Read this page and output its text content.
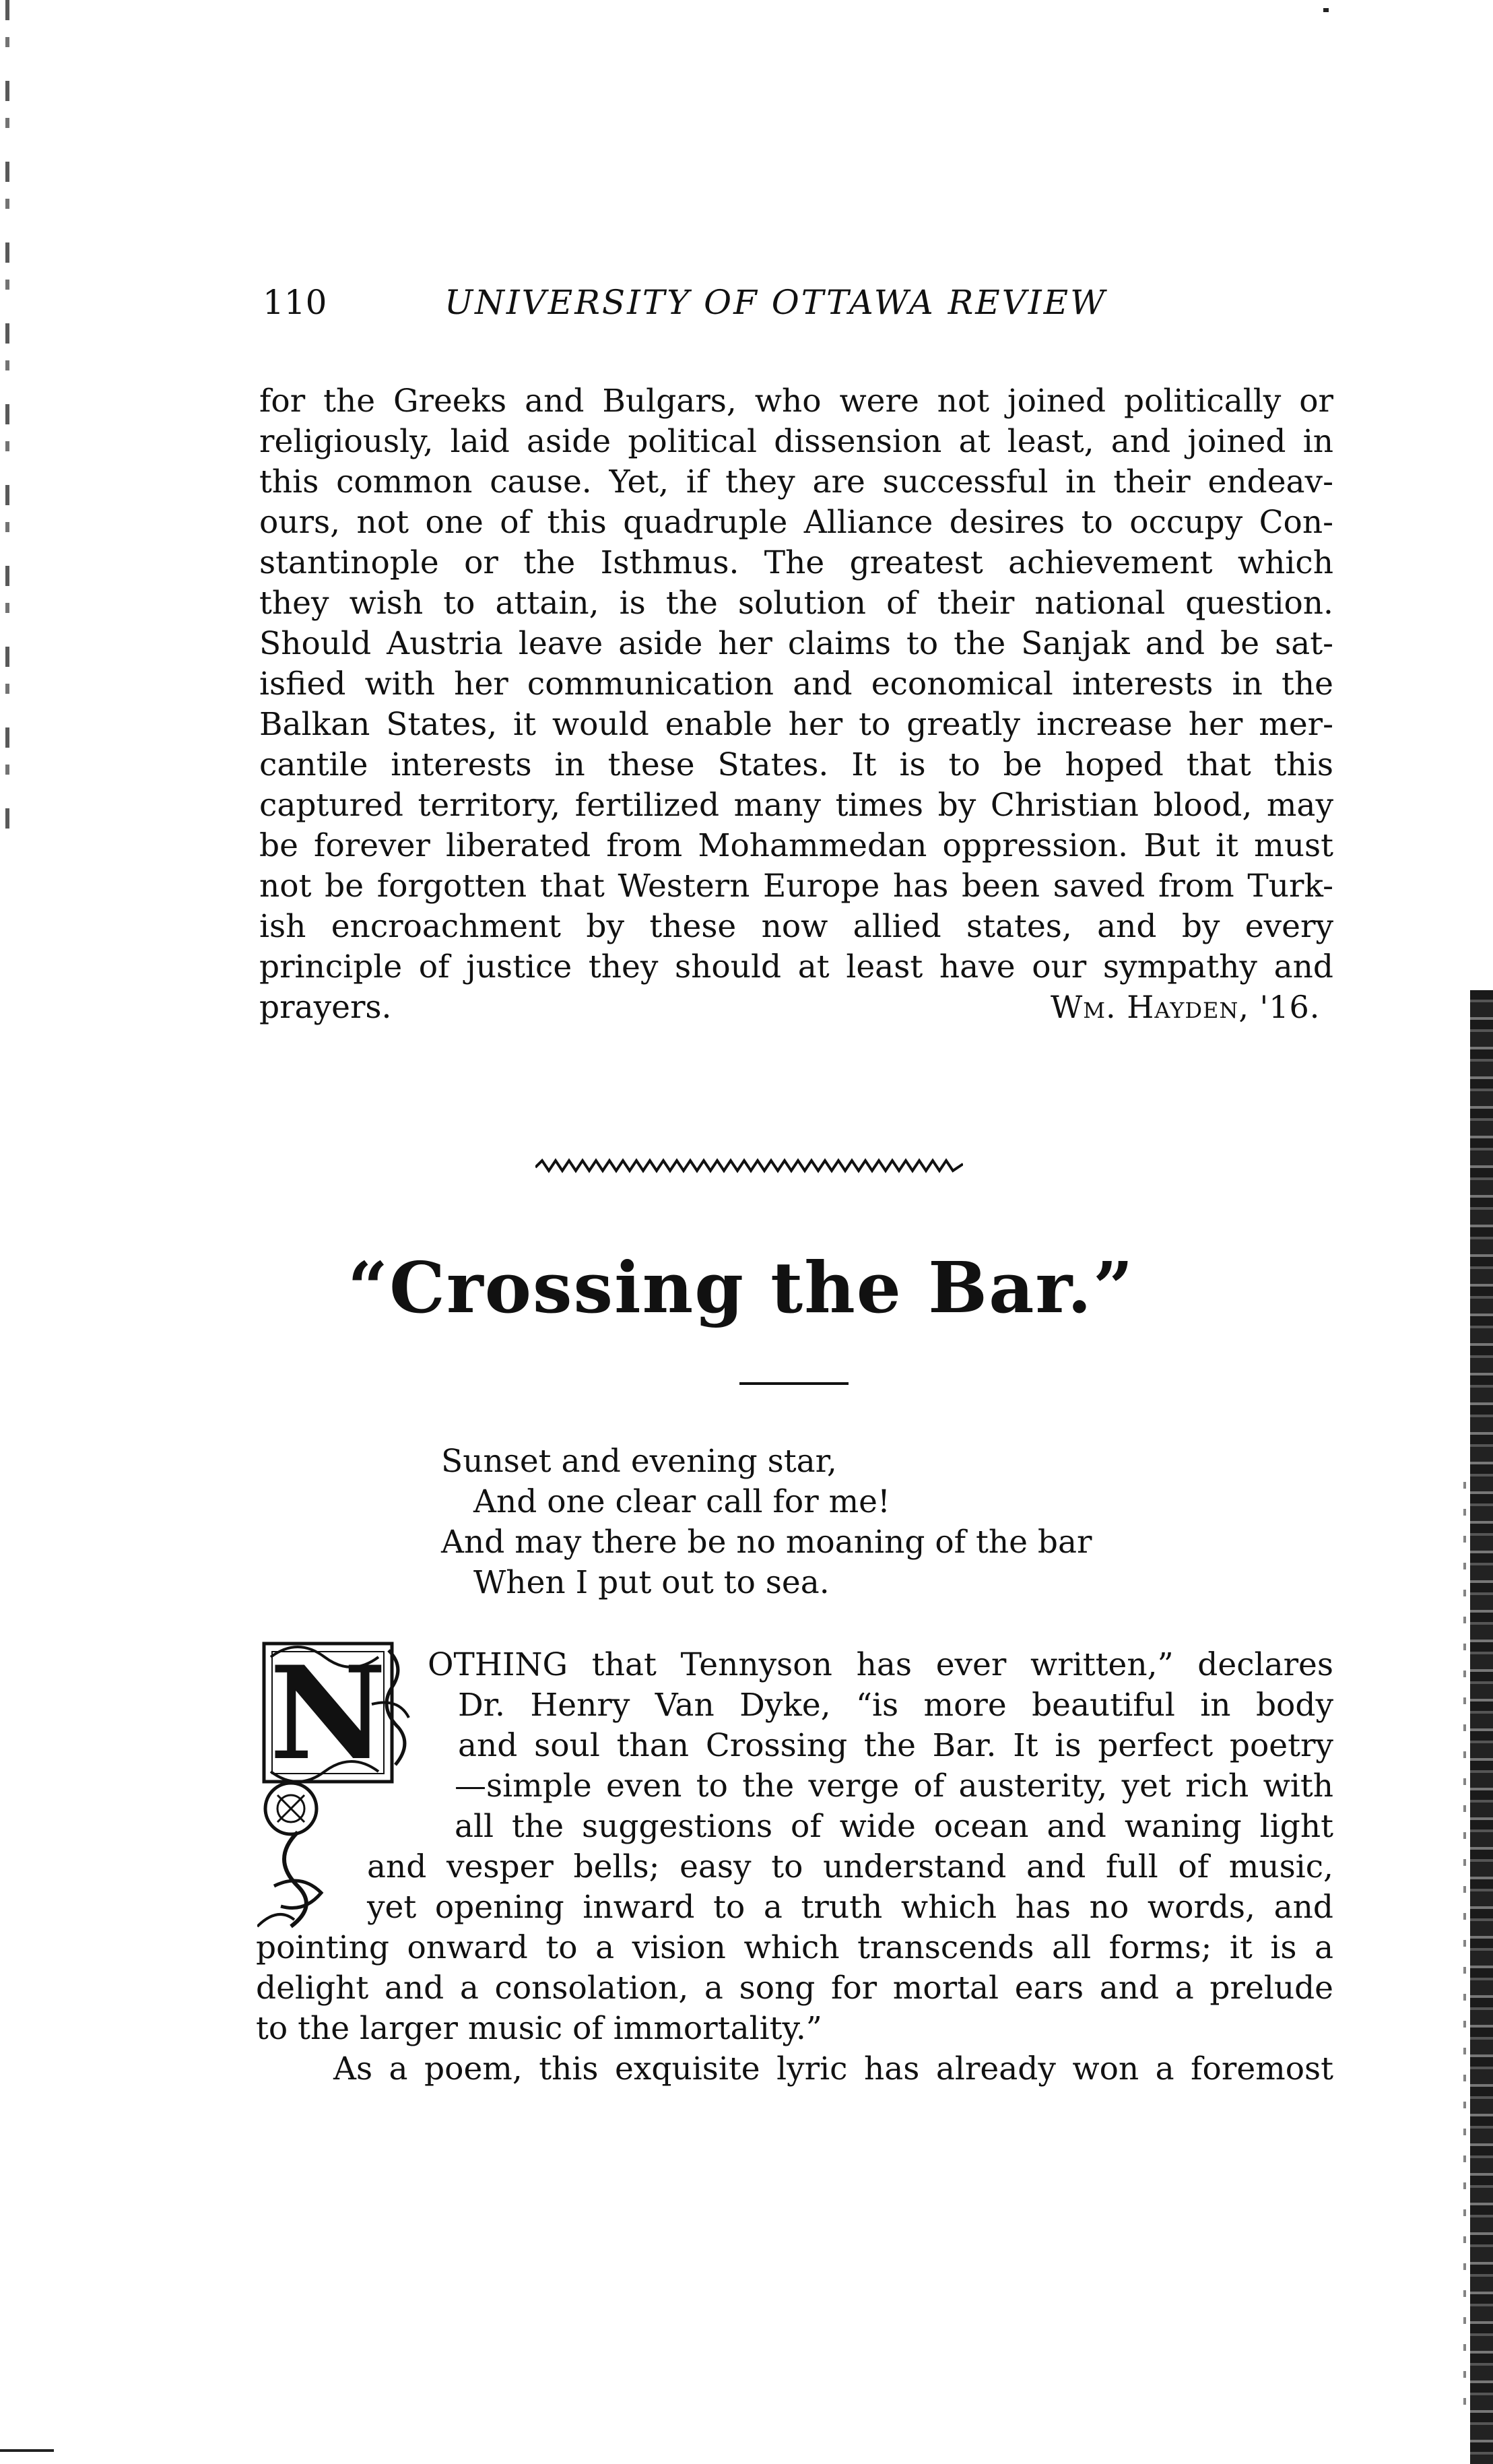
110	UNIVERSITY OF OTTAWA REVIEW
for the Greeks and Bulgars, who were not joined politically or
religiously, laid aside political dissension at least, and joined in
this common cause. Yet, if they are successful in their endeav-
ours, not one of this quadruple Alliance desires to occupy Con-
stantinople or the Isthmus. The greatest achievement which
they wish to attain, is the solution of their national question.
Should Austria leave aside her claims to the Sanjak and be sat-
isfied with her communication and economical interests in the
Balkan States, it would enable her to greatly increase her mer-
cantile interests in these States. It is to be hoped that this
captured territory, fertilized many times by Christian blood, may
be forever liberated from Mohammedan oppression. But it must
not be forgotten that Western Europe has been saved from Turk-
ish encroachment by these now allied states, and by every
principle of justice they should at least have our sympathy and
prayers.	Wm. Hayden, '16.
“Crossing the Bar.”
Sunset and evening star,
And one clear call for me!
And may there be no moaning of the bar
When I put out to sea.
N OTHING that Tennyson has ever written,” declares
Dr. Henry Van Dyke, “is more beautiful in body
and soul than Crossing the Bar. It is perfect poetry
—simple even to the verge of austerity, yet rich with
all the suggestions of wide ocean and waning light
and vesper bells; easy to understand and full of music,
yet opening inward to a truth which has no words, and
pointing onward to a vision which transcends all forms; it is a
delight and a consolation, a song for mortal ears and a prelude
to the larger music of immortality.”
As a poem, this exquisite lyric has already won a foremost
